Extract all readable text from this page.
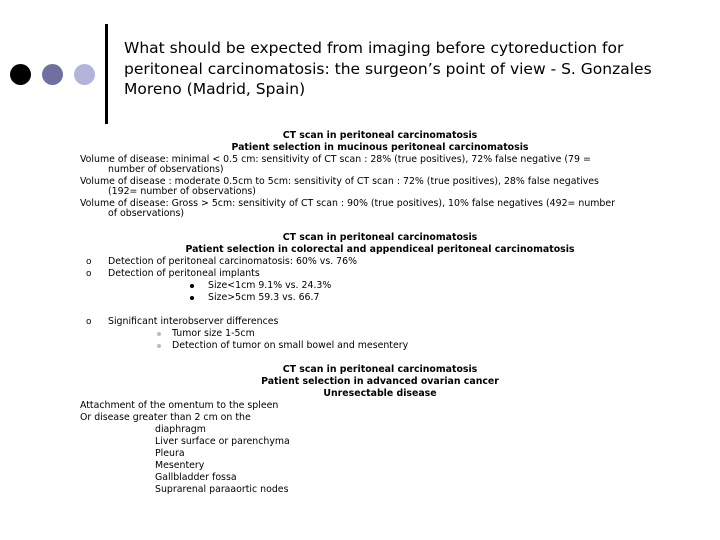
What should be expected from imaging before cytoreduction for peritoneal carcinomatosis: the surgeon’s point of view - S. Gonzales Moreno (Madrid, Spain)
CT scan in peritoneal carcinomatosis
Patient selection in mucinous peritoneal carcinomatosis
Volume of disease: minimal < 0.5 cm: sensitivity of CT scan : 28% (true positives), 72% false negative (79 =
number of observations)
Volume of disease : moderate 0.5cm to 5cm: sensitivity of CT scan : 72% (true positives), 28% false negatives
(192= number of observations)
Volume of disease: Gross > 5cm: sensitivity of CT scan : 90% (true positives), 10% false negatives (492= number
of observations)
CT scan in peritoneal carcinomatosis
Patient selection in colorectal and appendiceal peritoneal carcinomatosis
o Detection of peritoneal carcinomatosis: 60% vs. 76%
o Detection of peritoneal implants
Size<1cm 9.1% vs. 24.3%
Size>5cm 59.3 vs. 66.7
o Significant interobserver differences
Tumor size 1-5cm
Detection of tumor on small bowel and mesentery
CT scan in peritoneal carcinomatosis
Patient selection in advanced ovarian cancer
Unresectable disease
Attachment of the omentum to the spleen
Or disease greater than 2 cm on the
diaphragm
Liver surface or parenchyma
Pleura
Mesentery
Gallbladder fossa
Suprarenal paraaortic nodes
